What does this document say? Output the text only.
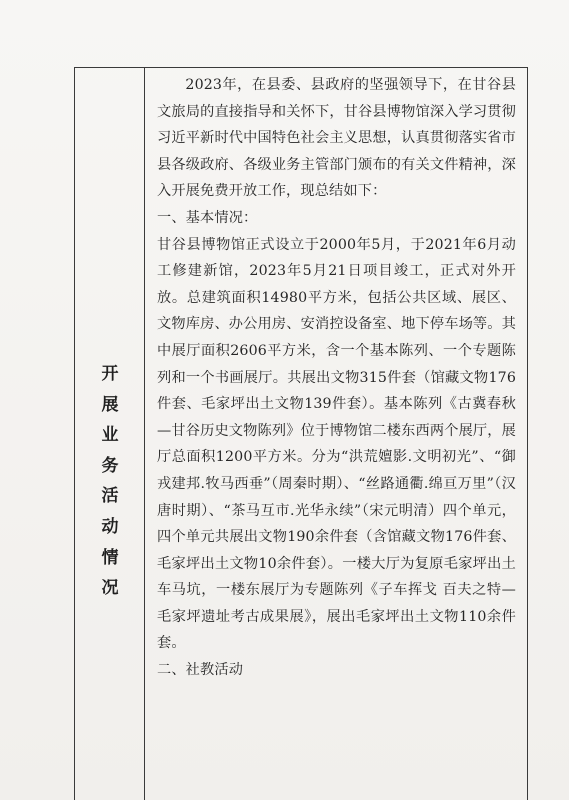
开
展
业
务
活
动
情
况

2023年，在县委、县政府的坚强领导下，在甘谷县文旅局的直接指导和关怀下，甘谷县博物馆深入学习贯彻习近平新时代中国特色社会主义思想，认真贯彻落实省市县各级政府、各级业务主管部门颁布的有关文件精神，深入开展免费开放工作，现总结如下：

一、基本情况：

甘谷县博物馆正式设立于2000年5月，于2021年6月动工修建新馆，2023年5月21日项目竣工，正式对外开放。总建筑面积14980平方米，包括公共区域、展区、文物库房、办公用房、安消控设备室、地下停车场等。其中展厅面积2606平方米，含一个基本陈列、一个专题陈列和一个书画展厅。共展出文物315件套（馆藏文物176件套、毛家坪出土文物139件套）。基本陈列《古冀春秋—甘谷历史文物陈列》位于博物馆二楼东西两个展厅，展厅总面积1200平方米。分为“洪荒嬗影.文明初光”、“御戎建邦.牧马西垂”（周秦时期）、“丝路通衢.绵亘万里”（汉唐时期）、“茶马互市.光华永续”（宋元明清）四个单元，四个单元共展出文物190余件套（含馆藏文物176件套、毛家坪出土文物10余件套）。一楼大厅为复原毛家坪出土车马坑，一楼东展厅为专题陈列《子车挥戈 百夫之特—毛家坪遗址考古成果展》，展出毛家坪出土文物110余件套。

二、社教活动
